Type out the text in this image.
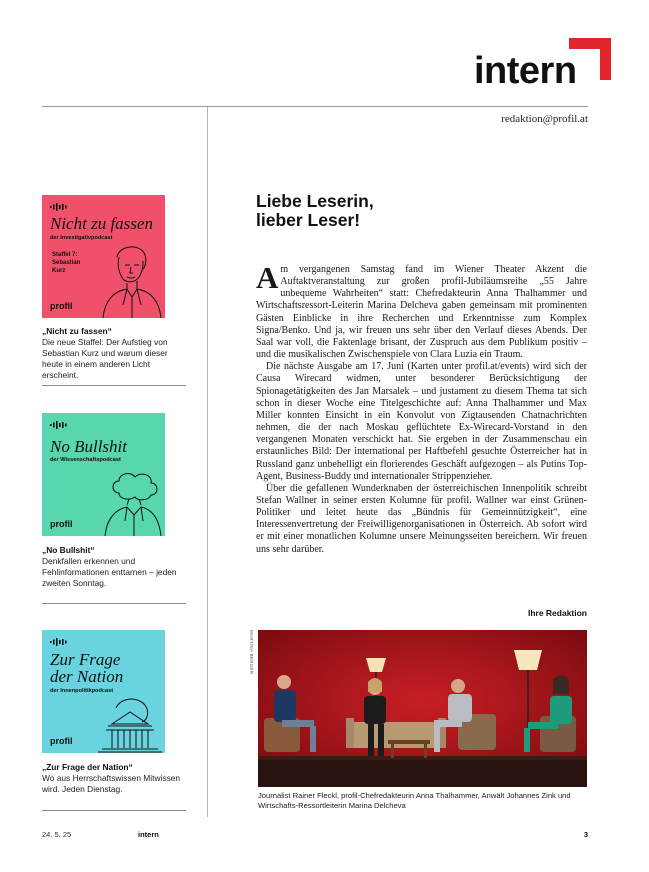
intern
redaktion@profil.at
Nicht zu fassen
der Investigativpodcast
Staffel 7:
Sebastian
Kurz
profil
„Nicht zu fassen“
Die neue Staffel: Der Aufstieg von Sebastian Kurz und warum dieser heute in einem anderen Licht erscheint.
No Bullshit
der Wissenschaftspodcast
profil
„No Bullshit“
Denkfallen erkennen und Fehlinformationen enttarnen – jeden zweiten Sonntag.
Zur Frage
der Nation
der Innenpolitikpodcast
profil
„Zur Frage der Nation“
Wo aus Herrschaftswissen Mitwissen wird. Jeden Dienstag.
Liebe Leserin,
lieber Leser!

Am vergangenen Samstag fand im Wiener Theater Akzent die Auftaktveranstaltung zur großen profil-Jubiläumsreihe „55 Jahre unbequeme Wahrheiten“ statt: Chefredakteurin Anna Thalhammer und Wirtschaftsressort-Leiterin Marina Delcheva gaben gemeinsam mit prominenten Gästen Einblicke in ihre Recherchen und Erkenntnisse zum Komplex Signa/Benko. Und ja, wir freuen uns sehr über den Verlauf dieses Abends. Der Saal war voll, die Faktenlage brisant, der Zuspruch aus dem Publikum positiv – und die musikalischen Zwischenspiele von Clara Luzia ein Traum.

Die nächste Ausgabe am 17. Juni (Karten unter profil.at/events) wird sich der Causa Wirecard widmen, unter besonderer Berücksichtigung der Spionagetätigkeiten des Jan Marsalek – und justament zu diesem Thema tat sich schon in dieser Woche eine Titelgeschichte auf: Anna Thalhammer und Max Miller konnten Einsicht in ein Konvolut von Zigtausenden Chatnachrichten nehmen, die der nach Moskau geflüchtete Ex-Wirecard-Vorstand in den vergangenen Monaten verschickt hat. Sie ergeben in der Zusammenschau ein erstaunliches Bild: Der international per Haftbefehl gesuchte Österreicher hat in Russland ganz unbehelligt ein florierendes Geschäft aufgezogen – als Putins Top-Agent, Business-Buddy und internationaler Strippenzieher.

Über die gefallenen Wunderknaben der österreichischen Innenpolitik schreibt Stefan Wallner in seiner ersten Kolumne für profil. Wallner war einst Grünen-Politiker und leitet heute das „Bündnis für Gemeinnützigkeit“, eine Interessenvertretung der Freiwilligenorganisationen in Österreich. Ab sofort wird er mit einer monatlichen Kolumne unsere Meinungsseiten bereichern. Wir freuen uns sehr darüber.

Ihre Redaktion
MARTINA BERGER
Journalist Rainer Fleckl, profil-Chefredakteurin Anna Thalhammer, Anwält Johannes Zink und Wirtschafts-Ressortleiterin Marina Delcheva
24. 5. 25	intern	3
